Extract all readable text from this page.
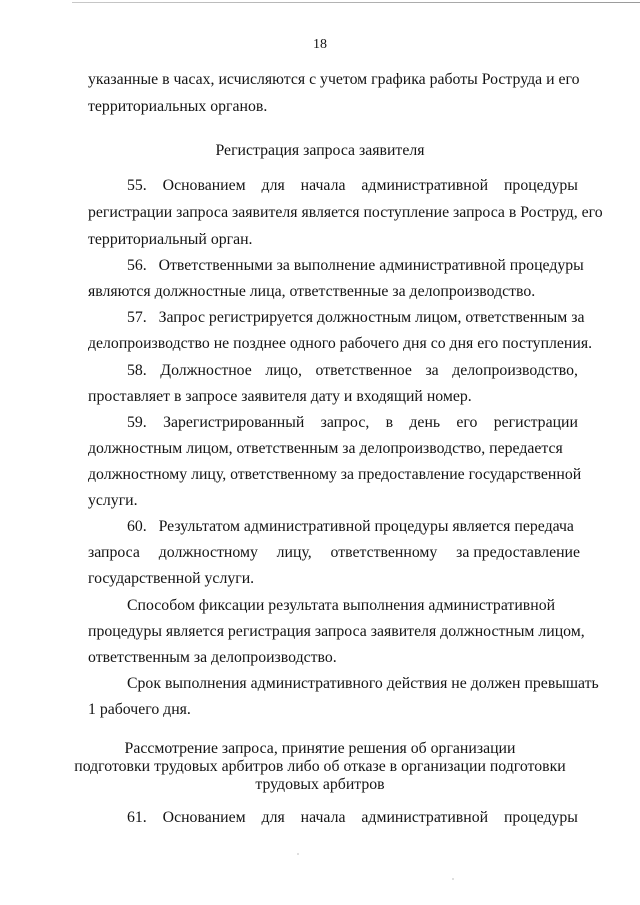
18
указанные в часах, исчисляются с учетом графика работы Роструда и его
территориальных органов.
Регистрация запроса заявителя
55. Основанием для начала административной процедуры
регистрации запроса заявителя является поступление запроса в Роструд, его
территориальный орган.
56.   Ответственными за выполнение административной процедуры
являются должностные лица, ответственные за делопроизводство.
57.   Запрос регистрируется должностным лицом, ответственным за
делопроизводство не позднее одного рабочего дня со дня его поступления.
58. Должностное лицо, ответственное за делопроизводство,
проставляет в запросе заявителя дату и входящий номер.
59. Зарегистрированный запрос, в день его регистрации
должностным лицом, ответственным за делопроизводство, передается
должностному лицу, ответственному за предоставление государственной
услуги.
60.   Результатом административной процедуры является передача
запроса должностному лицу, ответственному за предоставление
государственной услуги.
Способом фиксации результата выполнения административной
процедуры является регистрация запроса заявителя должностным лицом,
ответственным за делопроизводство.
Срок выполнения административного действия не должен превышать
1 рабочего дня.
Рассмотрение запроса, принятие решения об организации
подготовки трудовых арбитров либо об отказе в организации подготовки
трудовых арбитров
61. Основанием для начала административной процедуры
